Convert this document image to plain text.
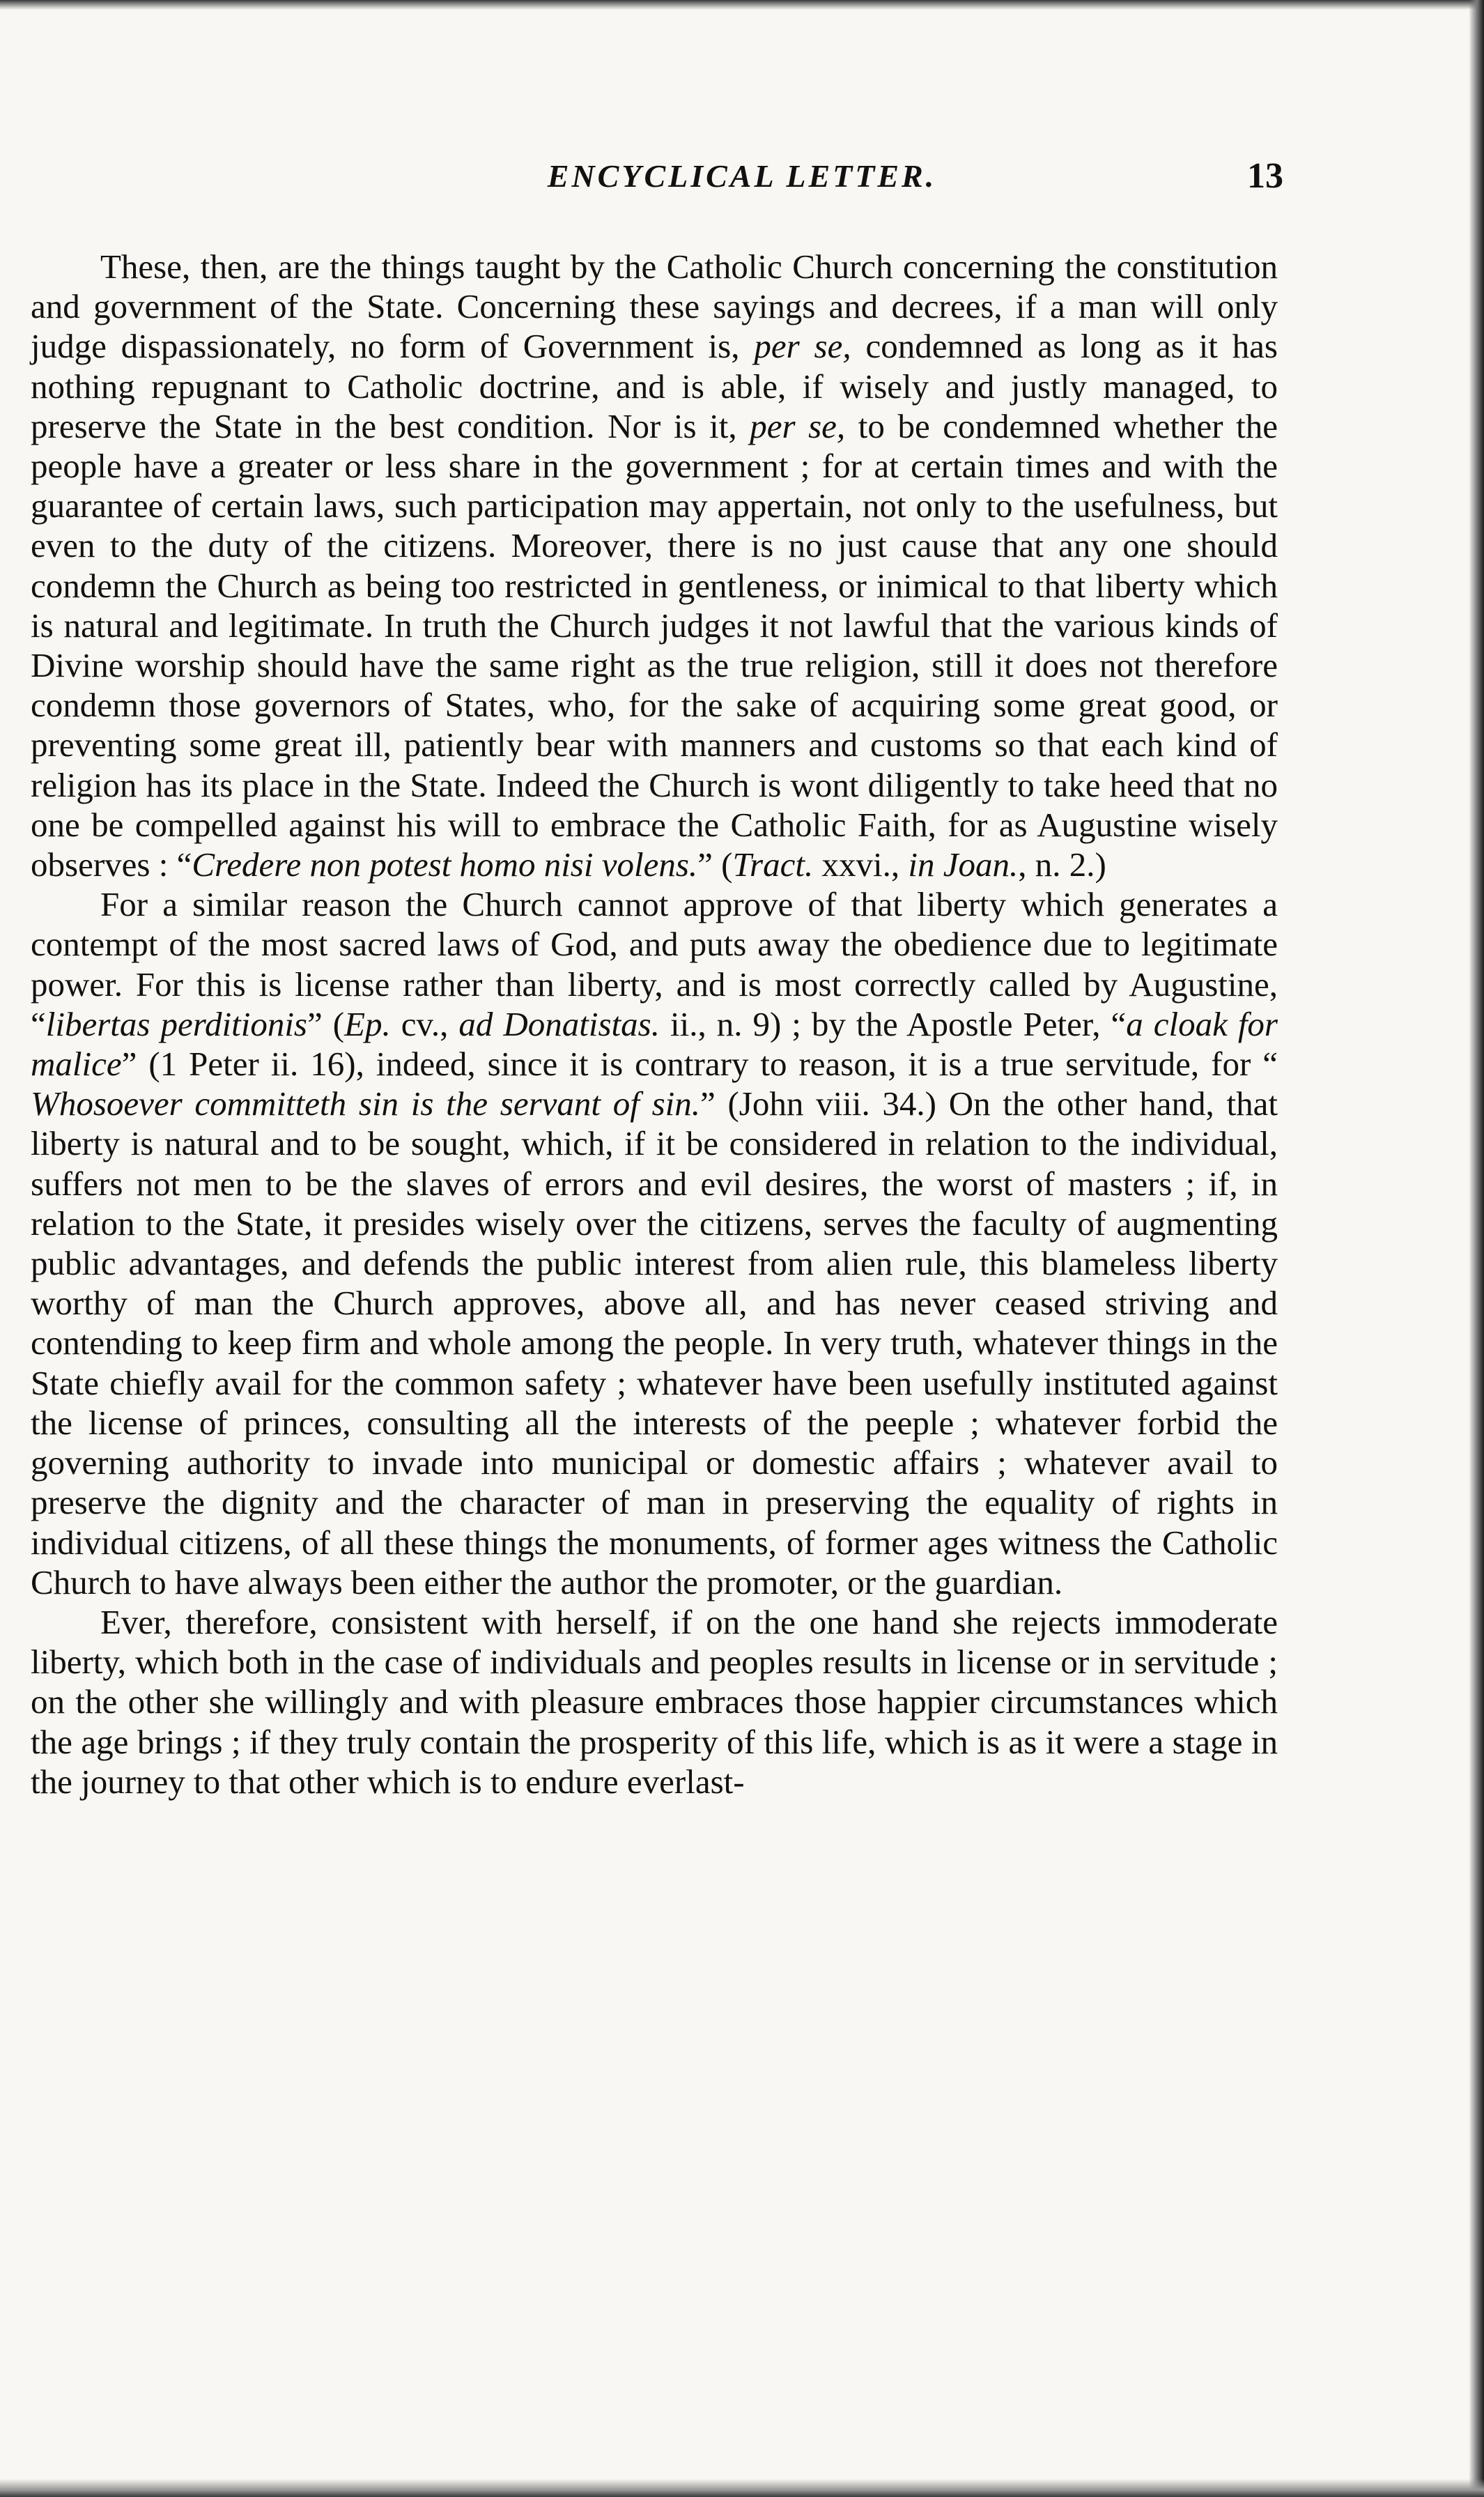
ENCYCLICAL LETTER.	13

These, then, are the things taught by the Catholic Church concerning the constitution and government of the State. Concerning these sayings and decrees, if a man will only judge dispassionately, no form of Government is, per se, condemned as long as it has nothing repugnant to Catholic doctrine, and is able, if wisely and justly managed, to preserve the State in the best condition. Nor is it, per se, to be condemned whether the people have a greater or less share in the government ; for at certain times and with the guarantee of certain laws, such participation may appertain, not only to the usefulness, but even to the duty of the citizens. Moreover, there is no just cause that any one should condemn the Church as being too restricted in gentleness, or inimical to that liberty which is natural and legitimate. In truth the Church judges it not lawful that the various kinds of Divine worship should have the same right as the true religion, still it does not therefore condemn those governors of States, who, for the sake of acquiring some great good, or preventing some great ill, patiently bear with manners and customs so that each kind of religion has its place in the State. Indeed the Church is wont diligently to take heed that no one be compelled against his will to embrace the Catholic Faith, for as Augustine wisely observes : “Credere non potest homo nisi volens.” (Tract. xxvi., in Joan., n. 2.)

For a similar reason the Church cannot approve of that liberty which generates a contempt of the most sacred laws of God, and puts away the obedience due to legitimate power. For this is license rather than liberty, and is most correctly called by Augustine, “libertas perditionis” (Ep. cv., ad Donatistas. ii., n. 9) ; by the Apostle Peter, “a cloak for malice” (1 Peter ii. 16), indeed, since it is contrary to reason, it is a true servitude, for “ Whosoever committeth sin is the servant of sin.” (John viii. 34.) On the other hand, that liberty is natural and to be sought, which, if it be considered in relation to the individual, suffers not men to be the slaves of errors and evil desires, the worst of masters ; if, in relation to the State, it presides wisely over the citizens, serves the faculty of augmenting public advantages, and defends the public interest from alien rule, this blameless liberty worthy of man the Church approves, above all, and has never ceased striving and contending to keep firm and whole among the people. In very truth, whatever things in the State chiefly avail for the common safety ; whatever have been usefully instituted against the license of princes, consulting all the interests of the peeple ; whatever forbid the governing authority to invade into municipal or domestic affairs ; whatever avail to preserve the dignity and the character of man in preserving the equality of rights in individual citizens, of all these things the monuments, of former ages witness the Catholic Church to have always been either the author the promoter, or the guardian.

Ever, therefore, consistent with herself, if on the one hand she rejects immoderate liberty, which both in the case of individuals and peoples results in license or in servitude ; on the other she willingly and with pleasure embraces those happier circumstances which the age brings ; if they truly contain the prosperity of this life, which is as it were a stage in the journey to that other which is to endure everlast-
